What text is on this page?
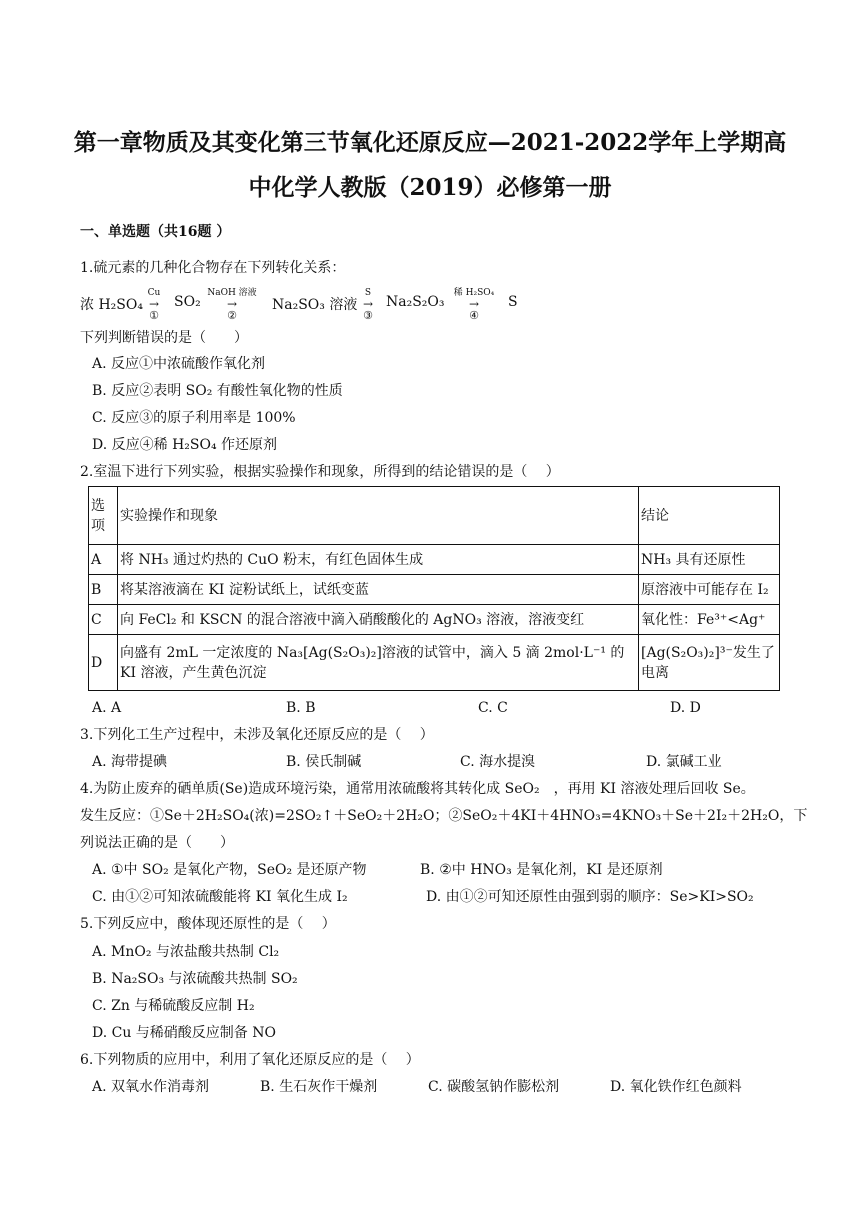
第一章物质及其变化第三节氧化还原反应—2021-2022学年上学期高
中化学人教版（2019）必修第一册
一、单选题（共16题 ）
1.硫元素的几种化合物存在下列转化关系：
浓 H₂SO₄
Cu
→
①
SO₂
NaOH 溶液
→
②
Na₂SO₃ 溶液
S
→
③
Na₂S₂O₃
稀 H₂SO₄
→
④
S
下列判断错误的是（　　）
A. 反应①中浓硫酸作氧化剂
B. 反应②表明 SO₂ 有酸性氧化物的性质
C. 反应③的原子利用率是 100%
D. 反应④稀 H₂SO₄ 作还原剂
2.室温下进行下列实验，根据实验操作和现象，所得到的结论错误的是（　 ）
选项	实验操作和现象	结论
A	将 NH₃ 通过灼热的 CuO 粉末，有红色固体生成	NH₃ 具有还原性
B	将某溶液滴在 KI 淀粉试纸上，试纸变蓝	原溶液中可能存在 I₂
C	向 FeCl₂ 和 KSCN 的混合溶液中滴入硝酸酸化的 AgNO₃ 溶液，溶液变红	氧化性：Fe³⁺<Ag⁺
D	向盛有 2mL 一定浓度的 Na₃[Ag(S₂O₃)₂]溶液的试管中，滴入 5 滴 2mol·L⁻¹ 的 KI 溶液，产生黄色沉淀	[Ag(S₂O₃)₂]³⁻发生了电离
A. A	B. B	C. C	D. D
3.下列化工生产过程中，未涉及氧化还原反应的是（　 ）
A. 海带提碘	B. 侯氏制碱	C. 海水提溴	D. 氯碱工业
4.为防止废弃的硒单质(Se)造成环境污染，通常用浓硫酸将其转化成 SeO₂　，再用 KI 溶液处理后回收 Se。
发生反应：①Se＋2H₂SO₄(浓)=2SO₂↑＋SeO₂＋2H₂O；②SeO₂＋4KI＋4HNO₃=4KNO₃＋Se＋2I₂＋2H₂O，下
列说法正确的是（　　）
A. ①中 SO₂ 是氧化产物，SeO₂ 是还原产物	B. ②中 HNO₃ 是氧化剂，KI 是还原剂
C. 由①②可知浓硫酸能将 KI 氧化生成 I₂	D. 由①②可知还原性由强到弱的顺序：Se>KI>SO₂
5.下列反应中，酸体现还原性的是（　 ）
A. MnO₂ 与浓盐酸共热制 Cl₂
B. Na₂SO₃ 与浓硫酸共热制 SO₂
C. Zn 与稀硫酸反应制 H₂
D. Cu 与稀硝酸反应制备 NO
6.下列物质的应用中，利用了氧化还原反应的是（　 ）
A. 双氧水作消毒剂	B. 生石灰作干燥剂	C. 碳酸氢钠作膨松剂	D. 氧化铁作红色颜料
